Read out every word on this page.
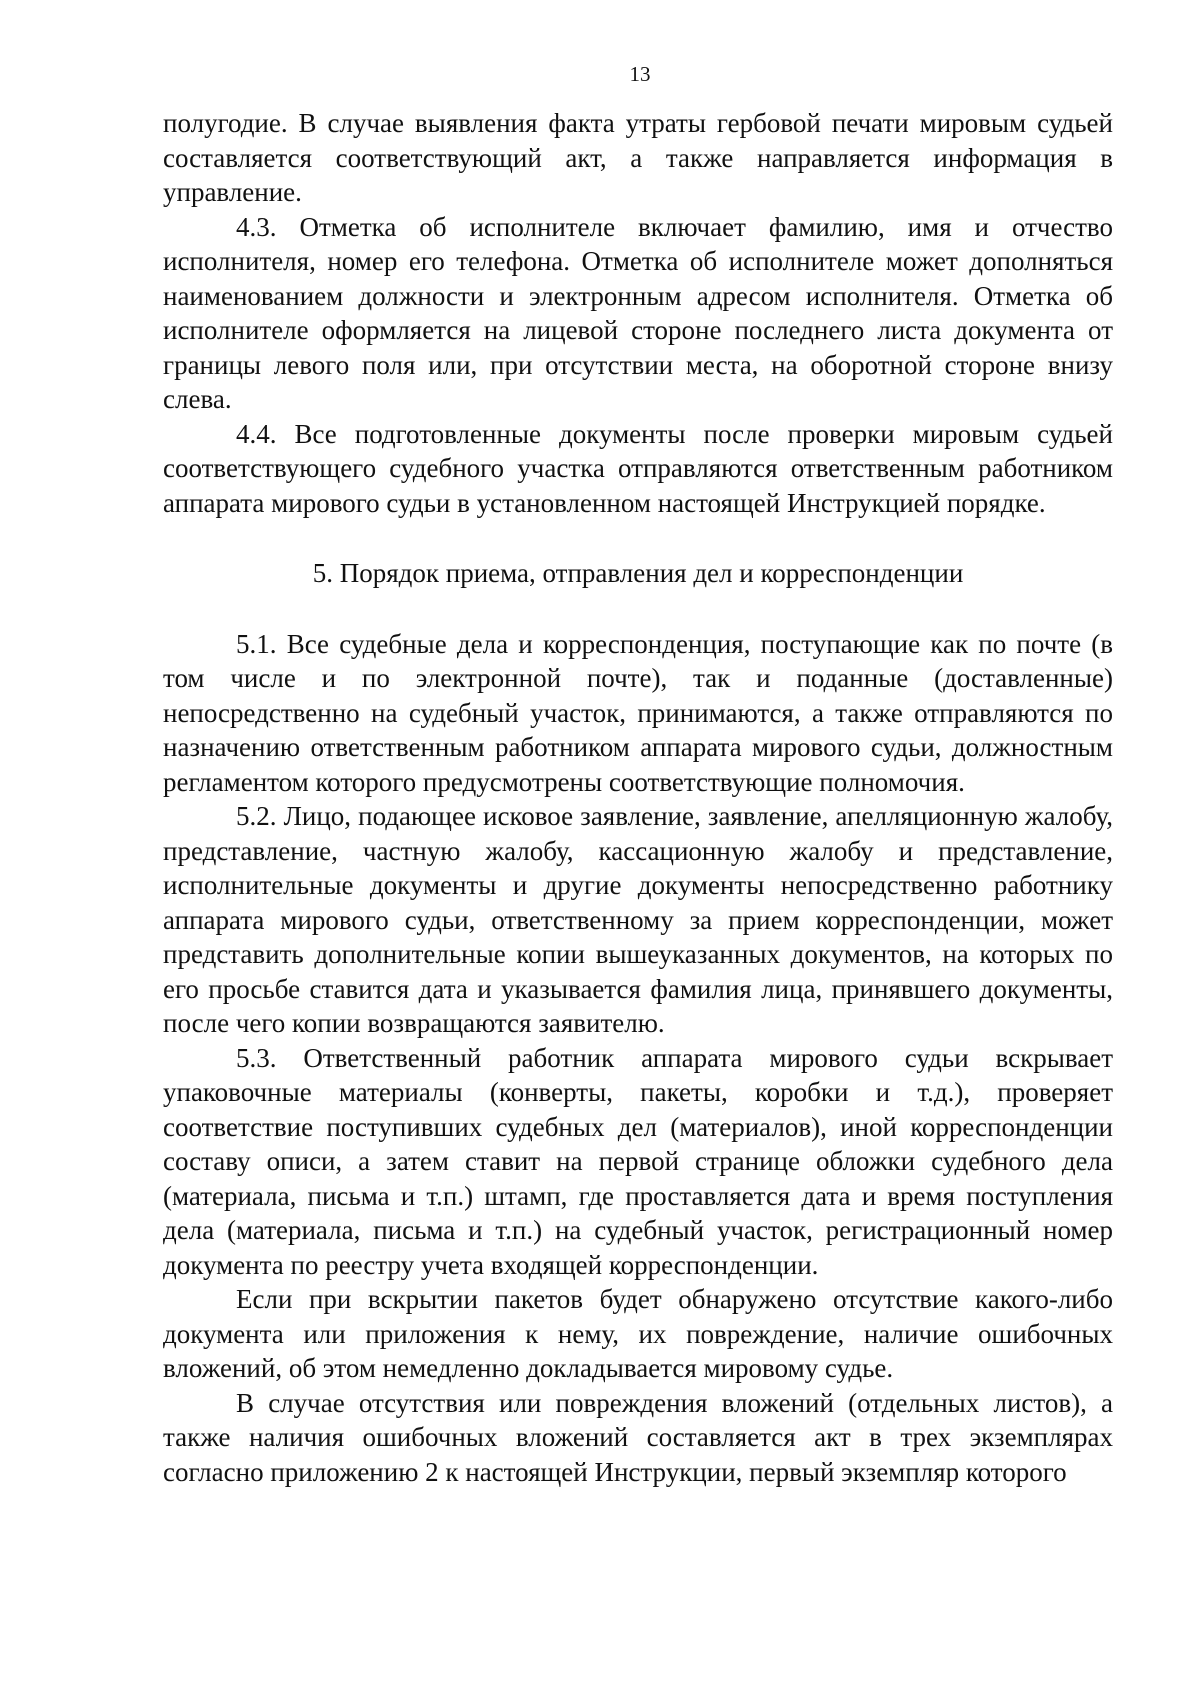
13

полугодие. В случае выявления факта утраты гербовой печати мировым судьей составляется соответствующий акт, а также направляется информация в управление.

4.3. Отметка об исполнителе включает фамилию, имя и отчество исполнителя, номер его телефона. Отметка об исполнителе может дополняться наименованием должности и электронным адресом исполнителя. Отметка об исполнителе оформляется на лицевой стороне последнего листа документа от границы левого поля или, при отсутствии места, на оборотной стороне внизу слева.

4.4. Все подготовленные документы после проверки мировым судьей соответствующего судебного участка отправляются ответственным работником аппарата мирового судьи в установленном настоящей Инструкцией порядке.

5. Порядок приема, отправления дел и корреспонденции

5.1. Все судебные дела и корреспонденция, поступающие как по почте (в том числе и по электронной почте), так и поданные (доставленные) непосредственно на судебный участок, принимаются, а также отправляются по назначению ответственным работником аппарата мирового судьи, должностным регламентом которого предусмотрены соответствующие полномочия.

5.2. Лицо, подающее исковое заявление, заявление, апелляционную жалобу, представление, частную жалобу, кассационную жалобу и представление, исполнительные документы и другие документы непосредственно работнику аппарата мирового судьи, ответственному за прием корреспонденции, может представить дополнительные копии вышеуказанных документов, на которых по его просьбе ставится дата и указывается фамилия лица, принявшего документы, после чего копии возвращаются заявителю.

5.3. Ответственный работник аппарата мирового судьи вскрывает упаковочные материалы (конверты, пакеты, коробки и т.д.), проверяет соответствие поступивших судебных дел (материалов), иной корреспонденции составу описи, а затем ставит на первой странице обложки судебного дела (материала, письма и т.п.) штамп, где проставляется дата и время поступления дела (материала, письма и т.п.) на судебный участок, регистрационный номер документа по реестру учета входящей корреспонденции.

Если при вскрытии пакетов будет обнаружено отсутствие какого-либо документа или приложения к нему, их повреждение, наличие ошибочных вложений, об этом немедленно докладывается мировому судье.

В случае отсутствия или повреждения вложений (отдельных листов), а также наличия ошибочных вложений составляется акт в трех экземплярах согласно приложению 2 к настоящей Инструкции, первый экземпляр которого
